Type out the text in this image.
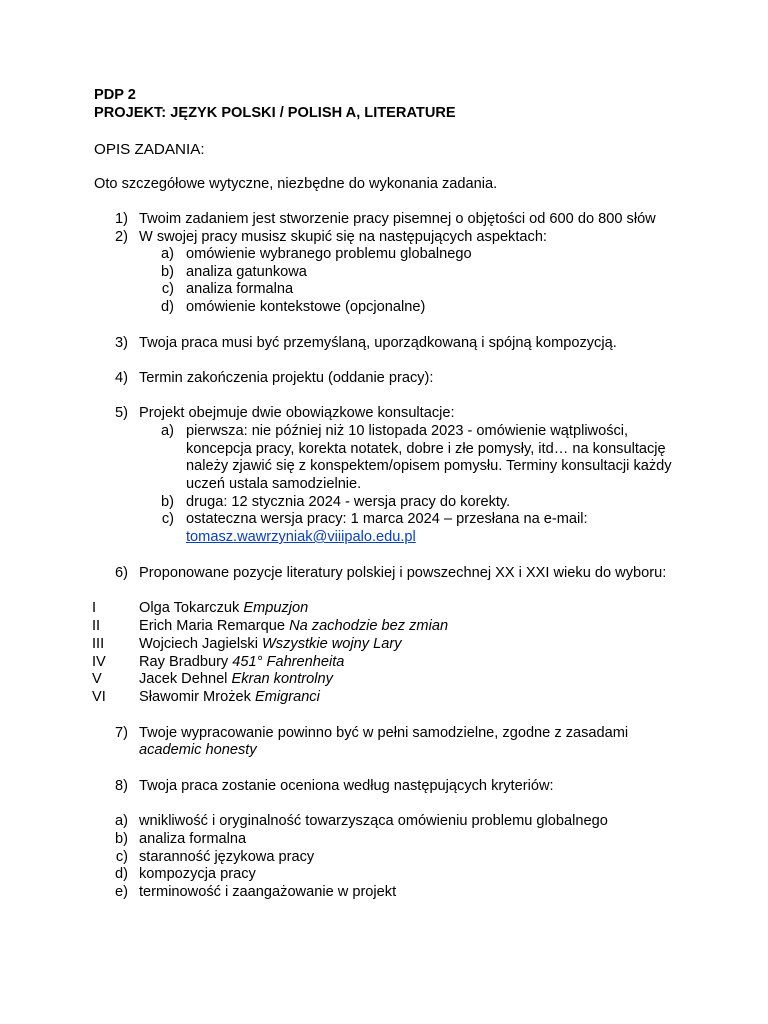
PDP 2
PROJEKT: JĘZYK POLSKI / POLISH A, LITERATURE
OPIS ZADANIA:
Oto szczegółowe wytyczne, niezbędne do wykonania zadania.
1) Twoim zadaniem jest stworzenie pracy pisemnej o objętości od 600 do 800 słów
2) W swojej pracy musisz skupić się na następujących aspektach:
a) omówienie wybranego problemu globalnego
b) analiza gatunkowa
c) analiza formalna
d) omówienie kontekstowe (opcjonalne)
3) Twoja praca musi być przemyślaną, uporządkowaną i spójną kompozycją.
4) Termin zakończenia projektu (oddanie pracy):
5) Projekt obejmuje dwie obowiązkowe konsultacje:
a) pierwsza: nie później niż 10 listopada 2023 - omówienie wątpliwości,
koncepcja pracy, korekta notatek, dobre i złe pomysły, itd… na konsultację
należy zjawić się z konspektem/opisem pomysłu. Terminy konsultacji każdy
uczeń ustala samodzielnie.
b) druga: 12 stycznia 2024 - wersja pracy do korekty.
c) ostateczna wersja pracy: 1 marca 2024 – przesłana na e-mail:
tomasz.wawrzyniak@viiipalo.edu.pl
6) Proponowane pozycje literatury polskiej i powszechnej XX i XXI wieku do wyboru:
I	Olga Tokarczuk Empuzjon
II	Erich Maria Remarque Na zachodzie bez zmian
III Wojciech Jagielski Wszystkie wojny Lary
IV Ray Bradbury 451° Fahrenheita
V	Jacek Dehnel Ekran kontrolny
VI Sławomir Mrożek Emigranci
7) Twoje wypracowanie powinno być w pełni samodzielne, zgodne z zasadami
academic honesty
8) Twoja praca zostanie oceniona według następujących kryteriów:
a) wnikliwość i oryginalność towarzysząca omówieniu problemu globalnego
b) analiza formalna
c) staranność językowa pracy
d) kompozycja pracy
e) terminowość i zaangażowanie w projekt
